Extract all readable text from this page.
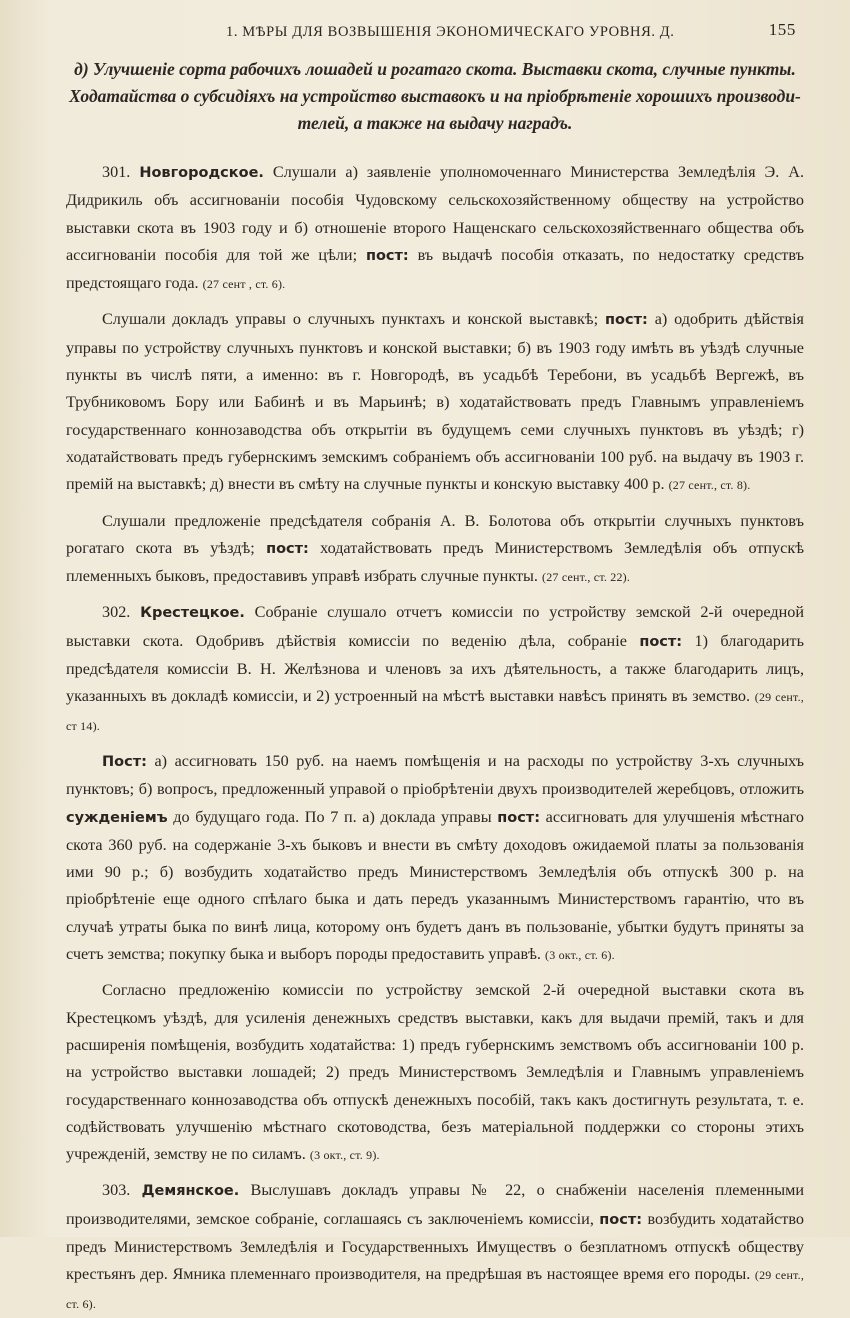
1. МѢРЫ ДЛЯ ВОЗВЫШЕНІЯ ЭКОНОМИЧЕСКАГО УРОВНЯ. Д.	155
д) Улучшеніе сорта рабочихъ лошадей и рогатаго скота. Выставки скота, случные пункты.
Ходатайства о субсидіяхъ на устройство выставокъ и на пріобрѣтеніе хорошихъ производи-
телей, а также на выдачу наградъ.

301. Новгородское. Слушали а) заявленіе уполномоченнаго Министерства Земледѣлія Э. А. Дидрикиль объ ассигнованіи пособія Чудовскому сельскохозяйственному обществу на устройство выставки скота въ 1903 году и б) отношеніе второго Нащенскаго сельскохозяйственнаго общества объ ассигнованіи пособія для той же цѣли; пост: въ выдачѣ пособія отказать, по недостатку средствъ предстоящаго года. (27 сент , ст. 6).

Слушали докладъ управы о случныхъ пунктахъ и конской выставкѣ; пост: а) одобрить дѣйствія управы по устройству случныхъ пунктовъ и конской выставки; б) въ 1903 году имѣть въ уѣздѣ случные пункты въ числѣ пяти, а именно: въ г. Новгородѣ, въ усадьбѣ Теребони, въ усадьбѣ Вергежѣ, въ Трубниковомъ Бору или Бабинѣ и въ Марьинѣ; в) ходатайствовать предъ Главнымъ управленіемъ государственнаго коннозаводства объ открытіи въ будущемъ семи случныхъ пунктовъ въ уѣздѣ; г) ходатайствовать предъ губернскимъ земскимъ собраніемъ объ ассигнованіи 100 руб. на выдачу въ 1903 г. премій на выставкѣ; д) внести въ смѣту на случные пункты и конскую выставку 400 р. (27 сент., ст. 8).

Слушали предложеніе предсѣдателя собранія А. В. Болотова объ открытіи случныхъ пунктовъ рогатаго скота въ уѣздѣ; пост: ходатайствовать предъ Министерствомъ Земледѣлія объ отпускѣ племенныхъ быковъ, предоставивъ управѣ избрать случные пункты. (27 сент., ст. 22).

302. Крестецкое. Собраніе слушало отчетъ комиссіи по устройству земской 2-й очередной выставки скота. Одобривъ дѣйствія комиссіи по веденію дѣла, собраніе пост: 1) благодарить предсѣдателя комиссіи В. Н. Желѣзнова и членовъ за ихъ дѣятельность, а также благодарить лицъ, указанныхъ въ докладѣ комиссіи, и 2) устроенный на мѣстѣ выставки навѣсъ принять въ земство. (29 сент., ст 14).

Пост: а) ассигновать 150 руб. на наемъ помѣщенія и на расходы по устройству 3-хъ случныхъ пунктовъ; б) вопросъ, предложенный управой о пріобрѣтеніи двухъ производителей жеребцовъ, отложить сужденіемъ до будущаго года. По 7 п. а) доклада управы пост: ассигновать для улучшенія мѣстнаго скота 360 руб. на содержаніе 3-хъ быковъ и внести въ смѣту доходовъ ожидаемой платы за пользованія ими 90 р.; б) возбудить ходатайство предъ Министерствомъ Земледѣлія объ отпускѣ 300 р. на пріобрѣтеніе еще одного спѣлаго быка и дать передъ указаннымъ Министерствомъ гарантію, что въ случаѣ утраты быка по винѣ лица, которому онъ будетъ данъ въ пользованіе, убытки будутъ приняты за счетъ земства; покупку быка и выборъ породы предоставить управѣ. (3 окт., ст. 6).

Согласно предложенію комиссіи по устройству земской 2-й очередной выставки скота въ Крестецкомъ уѣздѣ, для усиленія денежныхъ средствъ выставки, какъ для выдачи премій, такъ и для расширенія помѣщенія, возбудить ходатайства: 1) предъ губернскимъ земствомъ объ ассигнованіи 100 р. на устройство выставки лошадей; 2) предъ Министерствомъ Земледѣлія и Главнымъ управленіемъ государственнаго коннозаводства объ отпускѣ денежныхъ пособій, такъ какъ достигнуть результата, т. е. содѣйствовать улучшенію мѣстнаго скотоводства, безъ матеріальной поддержки со стороны этихъ учрежденій, земству не по силамъ. (3 окт., ст. 9).

303. Демянское. Выслушавъ докладъ управы № 22, о снабженіи населенія племенными производителями, земское собраніе, соглашаясь съ заключеніемъ комиссіи, пост: возбудить ходатайство предъ Министерствомъ Земледѣлія и Государственныхъ Имуществъ о безплатномъ отпускѣ обществу крестьянъ дер. Ямника племеннаго производителя, на предрѣшая въ настоящее время его породы. (29 сент., ст. 6).
